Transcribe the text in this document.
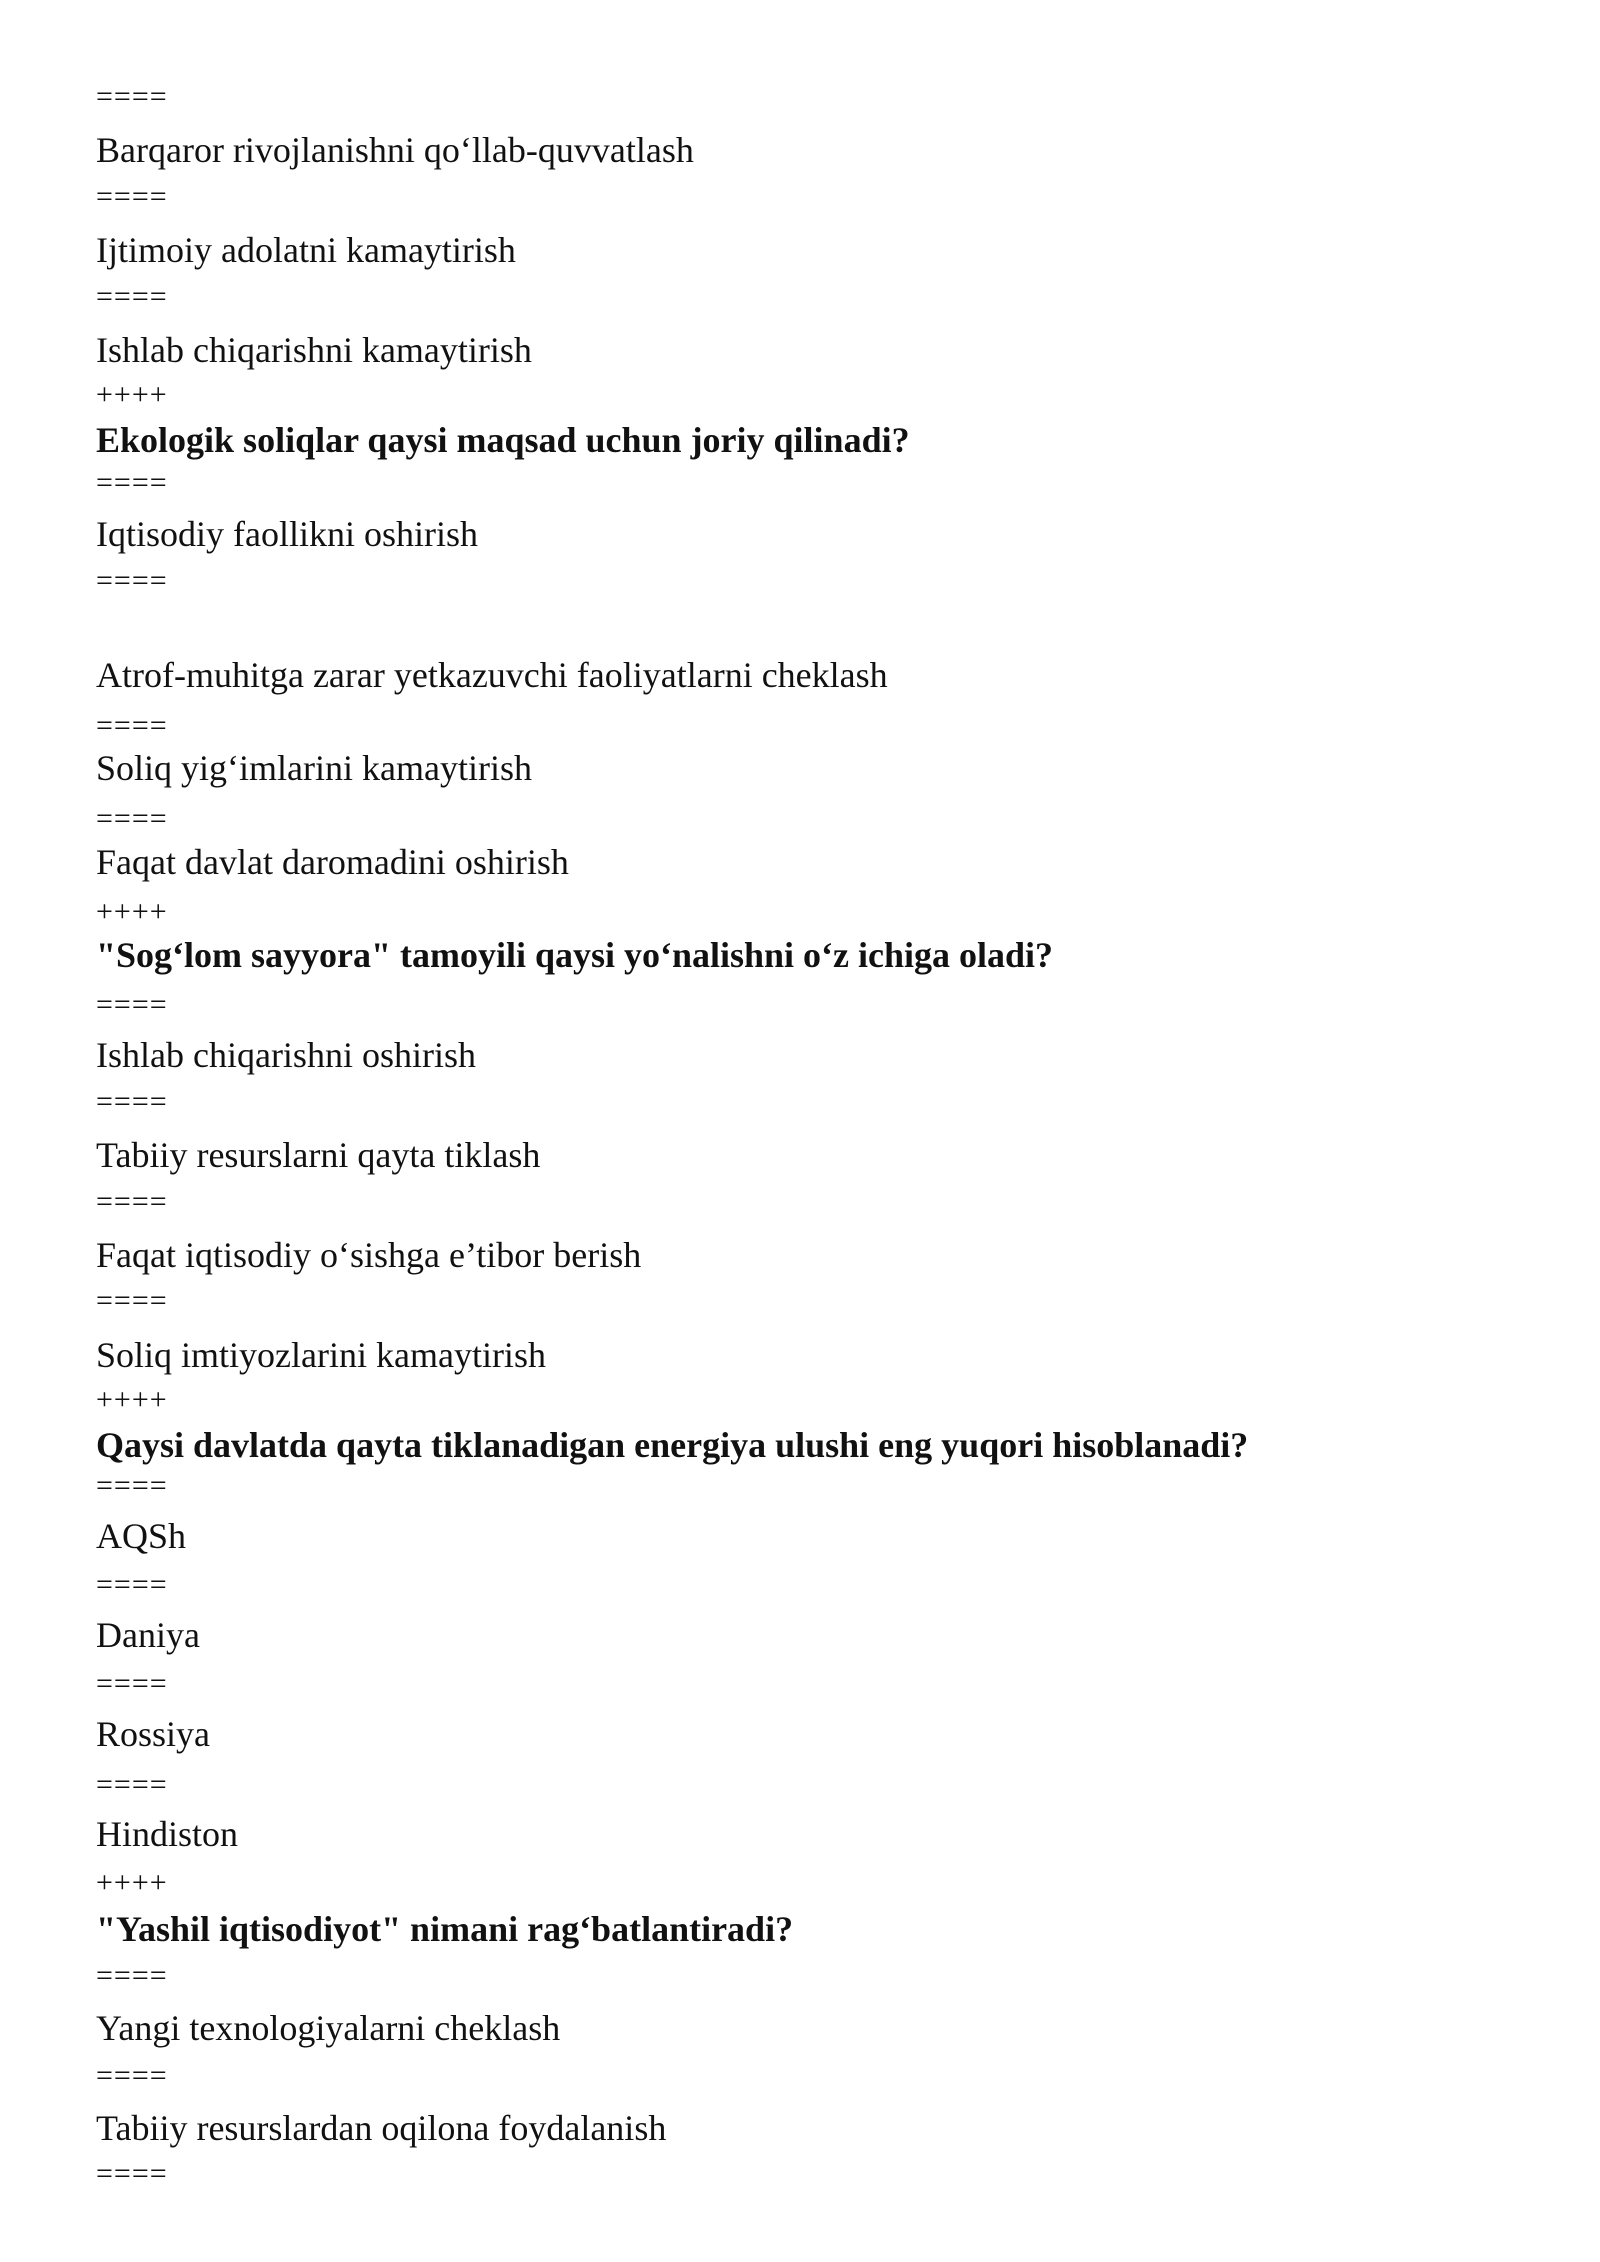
====
Barqaror rivojlanishni qo‘llab-quvvatlash
====
Ijtimoiy adolatni kamaytirish
====
Ishlab chiqarishni kamaytirish
++++
Ekologik soliqlar qaysi maqsad uchun joriy qilinadi?
====
Iqtisodiy faollikni oshirish
====
Atrof-muhitga zarar yetkazuvchi faoliyatlarni cheklash
====
Soliq yig‘imlarini kamaytirish
====
Faqat davlat daromadini oshirish
++++
"Sog‘lom sayyora" tamoyili qaysi yo‘nalishni o‘z ichiga oladi?
====
Ishlab chiqarishni oshirish
====
Tabiiy resurslarni qayta tiklash
====
Faqat iqtisodiy o‘sishga e’tibor berish
====
Soliq imtiyozlarini kamaytirish
++++
Qaysi davlatda qayta tiklanadigan energiya ulushi eng yuqori hisoblanadi?
====
AQSh
====
Daniya
====
Rossiya
====
Hindiston
++++
"Yashil iqtisodiyot" nimani rag‘batlantiradi?
====
Yangi texnologiyalarni cheklash
====
Tabiiy resurslardan oqilona foydalanish
====
